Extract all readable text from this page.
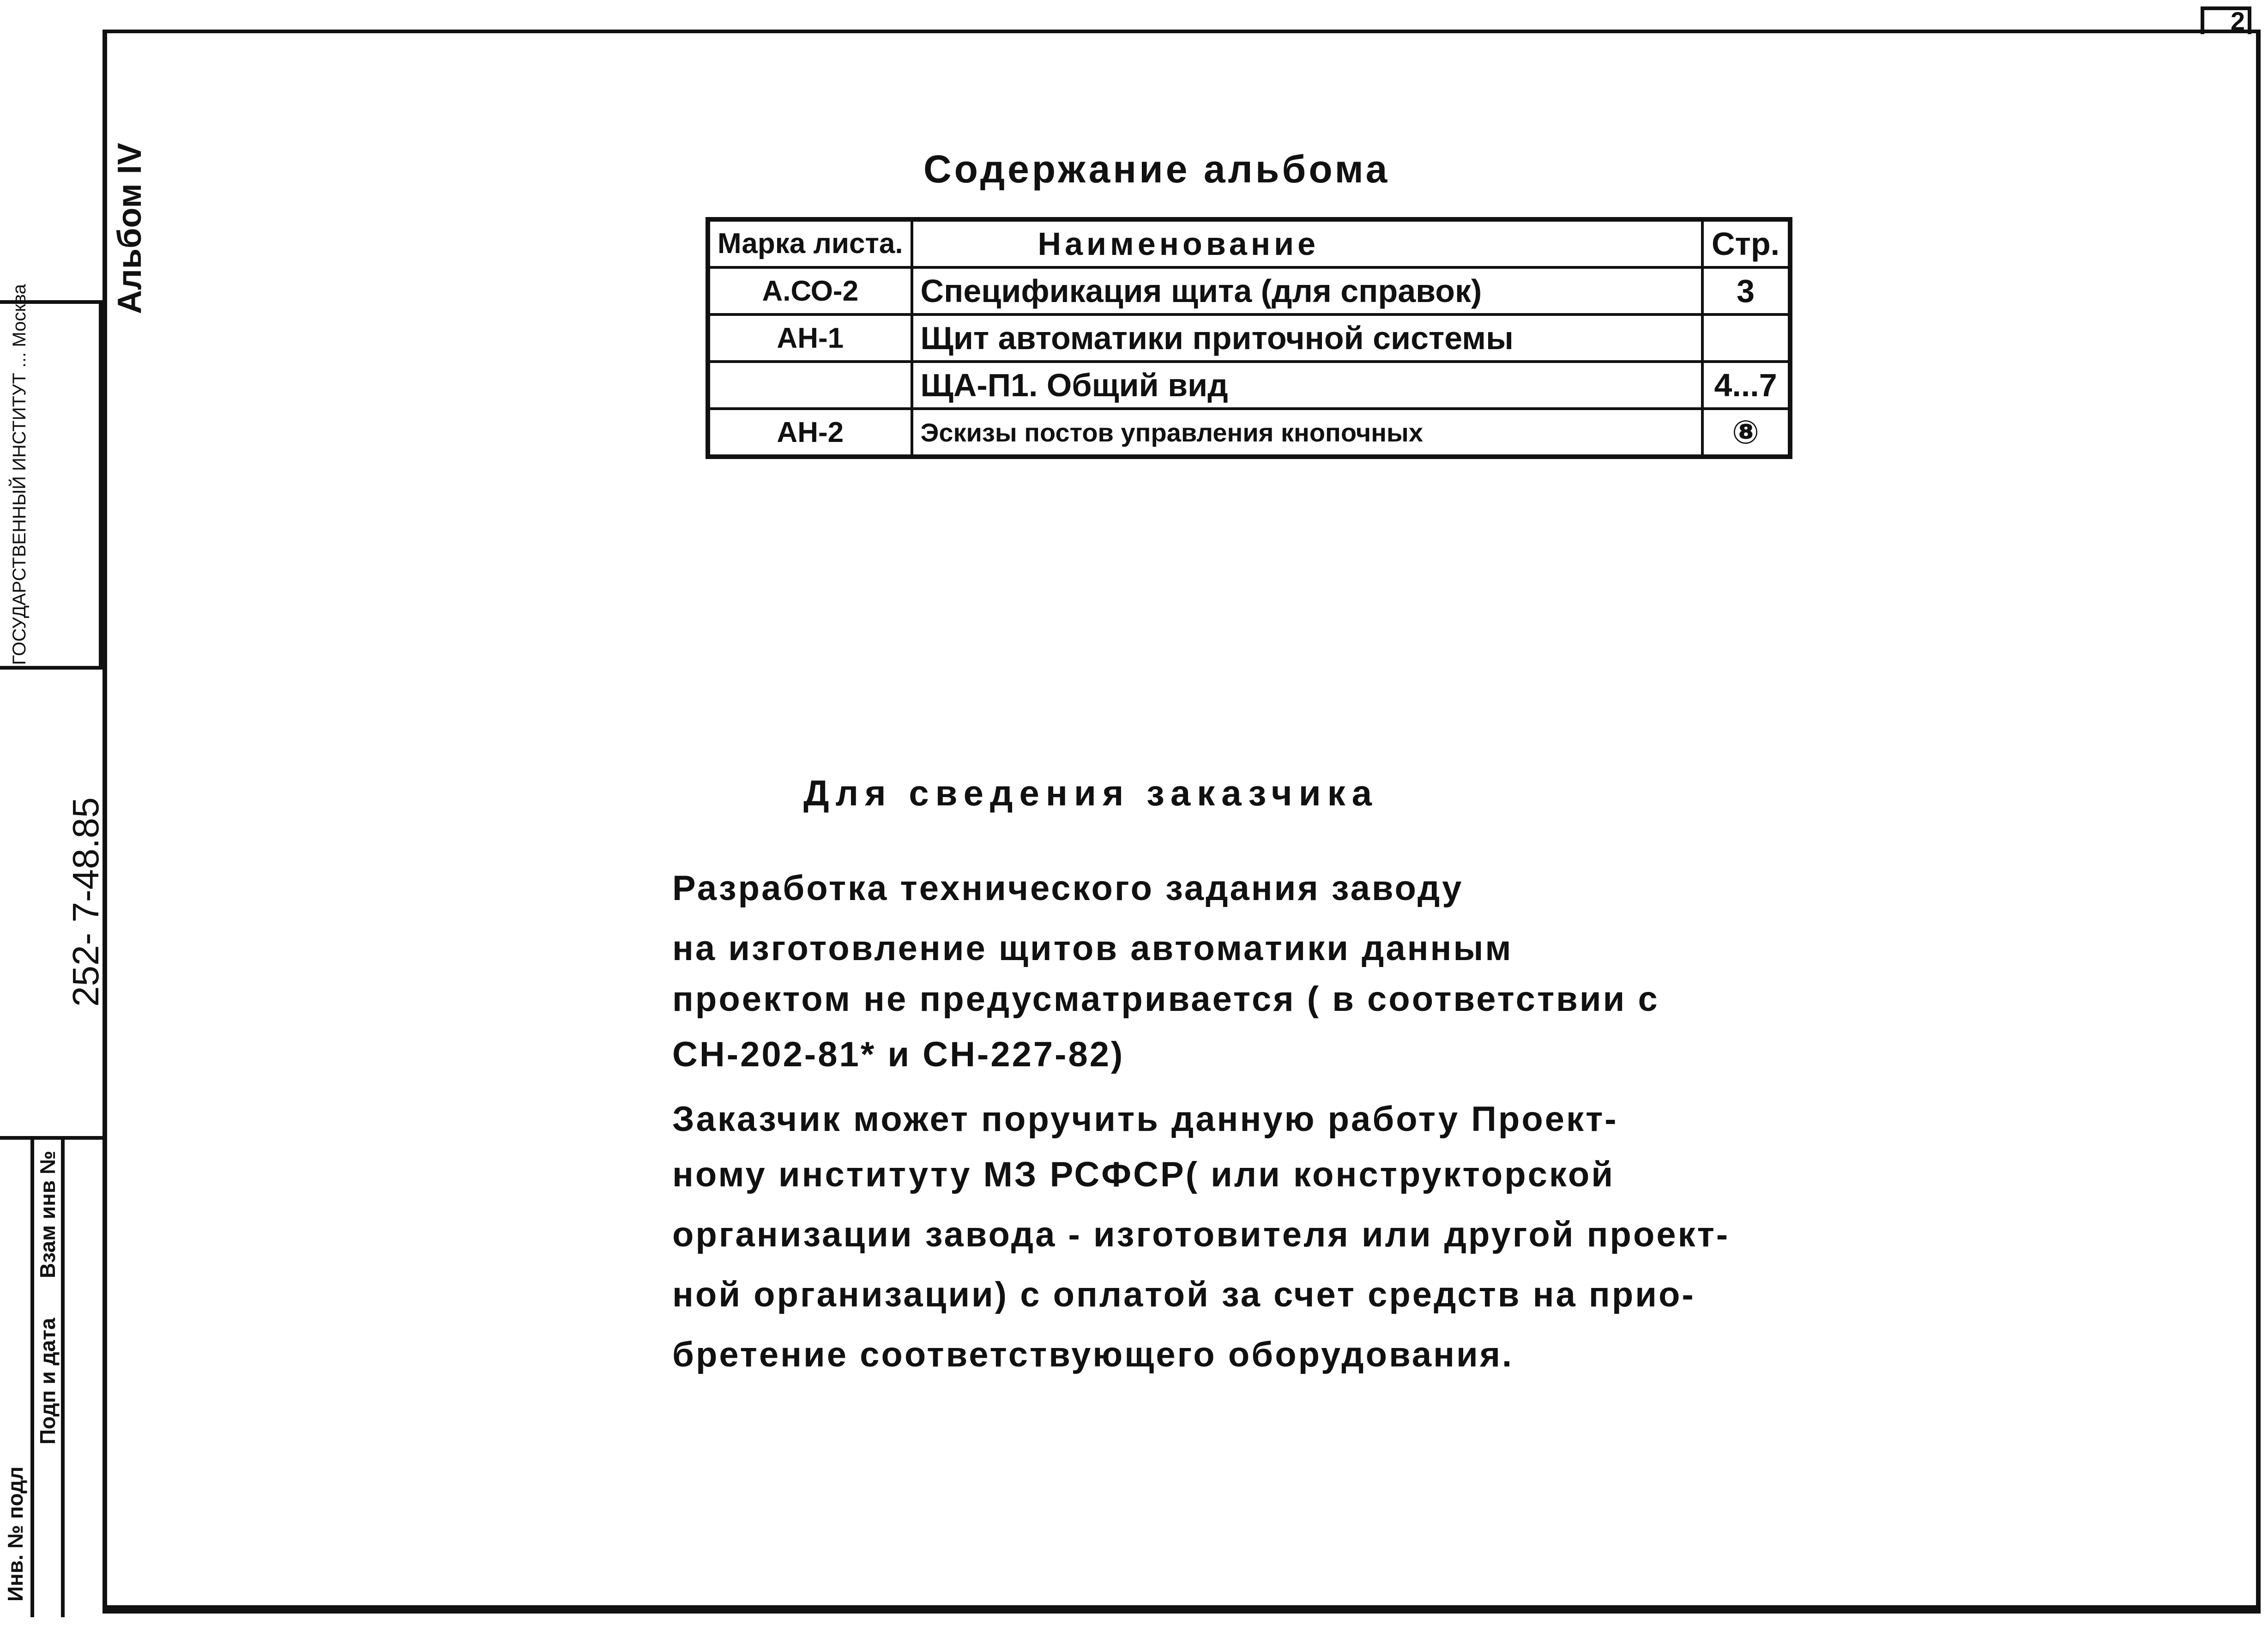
2
Альбом IV
ГОСУДАРСТВЕННЫЙ ИНСТИТУТ ... Москва
252- 7-48.85
Инв. № подл
Подп и дата
Взам инв №
Содержание альбома
Марка листа.	Наименование	Стр.
А.СО-2	Спецификация щита (для справок)	3
АН-1	Щит автоматики приточной системы	
	ЩА-П1. Общий вид	4...7
АН-2	Эскизы постов управления кнопочных	⑧
Для сведения заказчика
Разработка технического задания заводу
на изготовление щитов автоматики данным
проектом не предусматривается ( в соответствии с
СН-202-81* и СН-227-82)
Заказчик может поручить данную работу Проект-
ному институту МЗ РСФСР( или конструкторской
организации завода - изготовителя или другой проект-
ной организации) с оплатой за счет средств на прио-
бретение соответствующего оборудования.
